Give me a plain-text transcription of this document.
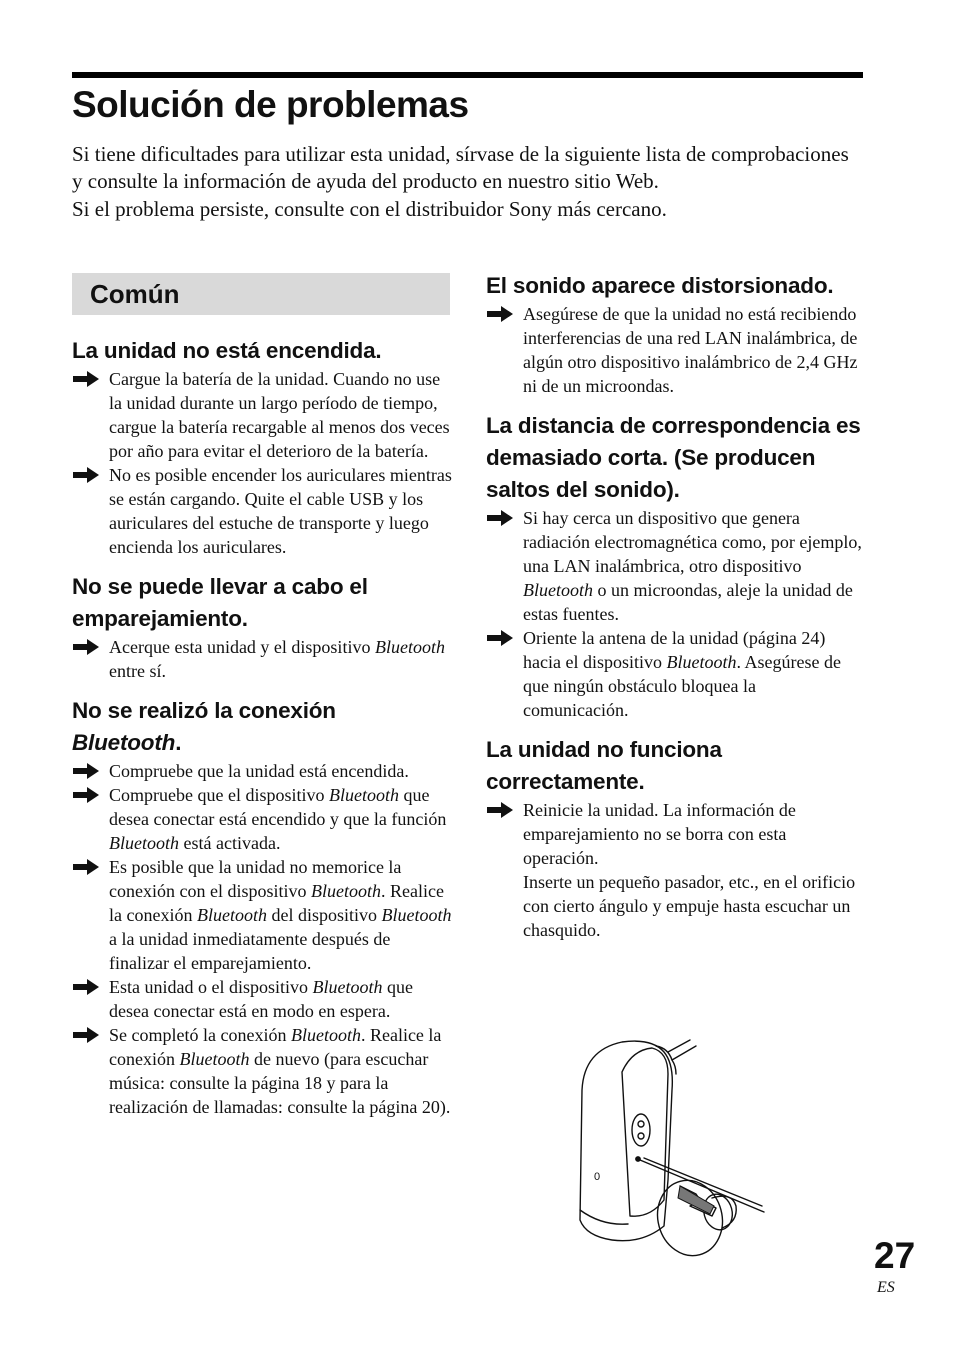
Solución de problemas

Si tiene dificultades para utilizar esta unidad, sírvase de la siguiente lista de comprobaciones y consulte la información de ayuda del producto en nuestro sitio Web.

Si el problema persiste, consulte con el distribuidor Sony más cercano.

Común
La unidad no está encendida.
Cargue la batería de la unidad. Cuando no use la unidad durante un largo período de tiempo, cargue la batería recargable al menos dos veces por año para evitar el deterioro de la batería.
No es posible encender los auriculares mientras se están cargando. Quite el cable USB y los auriculares del estuche de transporte y luego encienda los auriculares.
No se puede llevar a cabo el emparejamiento.
Acerque esta unidad y el dispositivo Bluetooth entre sí.
No se realizó la conexión
Bluetooth.
Compruebe que la unidad está encendida.
Compruebe que el dispositivo Bluetooth que desea conectar está encendido y que la función Bluetooth está activada.
Es posible que la unidad no memorice la conexión con el dispositivo Bluetooth. Realice la conexión Bluetooth del dispositivo Bluetooth a la unidad inmediatamente después de finalizar el emparejamiento.
Esta unidad o el dispositivo Bluetooth que desea conectar está en modo en espera.
Se completó la conexión Bluetooth. Realice la conexión Bluetooth de nuevo (para escuchar música: consulte la página 18 y para la realización de llamadas: consulte la página 20).
El sonido aparece distorsionado.
Asegúrese de que la unidad no está recibiendo interferencias de una red LAN inalámbrica, de algún otro dispositivo inalámbrico de 2,4 GHz ni de un microondas.
La distancia de correspondencia es demasiado corta. (Se producen saltos del sonido).
Si hay cerca un dispositivo que genera radiación electromagnética como, por ejemplo, una LAN inalámbrica, otro dispositivo Bluetooth o un microondas, aleje la unidad de estas fuentes.
Oriente la antena de la unidad (página 24) hacia el dispositivo Bluetooth. Asegúrese de que ningún obstáculo bloquea la comunicación.
La unidad no funciona correctamente.
Reinicie la unidad. La información de emparejamiento no se borra con esta operación.
Inserte un pequeño pasador, etc., en el orificio con cierto ángulo y empuje hasta escuchar un chasquido.
0

27

ES
